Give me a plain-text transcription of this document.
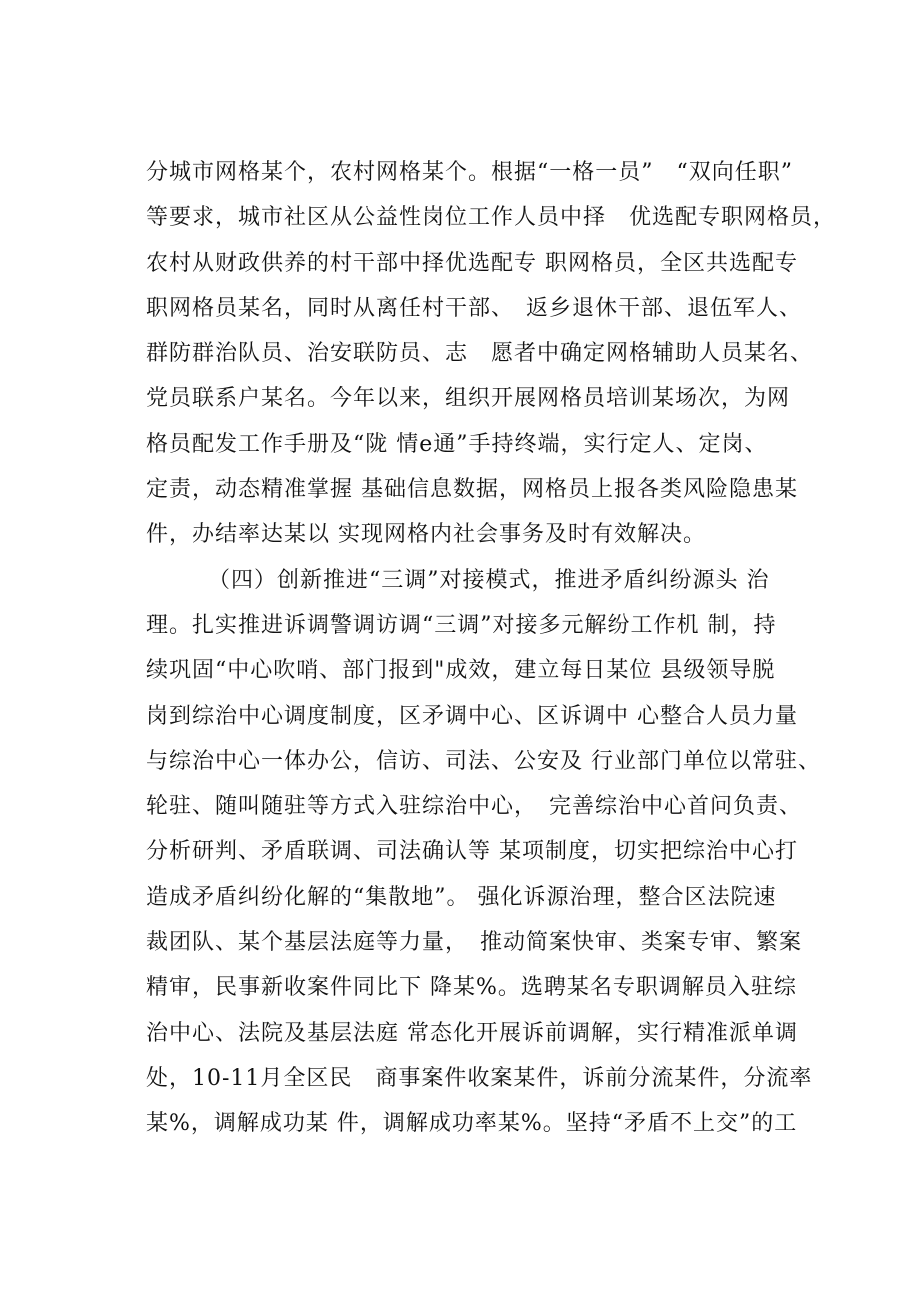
分城市网格某个，农村网格某个。根据“一格一员”　“双向任职”
等要求，城市社区从公益性岗位工作人员中择　优选配专职网格员，
农村从财政供养的村干部中择优选配专 职网格员，全区共选配专
职网格员某名，同时从离任村干部、　返乡退休干部、退伍军人、
群防群治队员、治安联防员、志　愿者中确定网格辅助人员某名、
党员联系户某名。今年以来，组织开展网格员培训某场次，为网
格员配发工作手册及“陇 情e通”手持终端，实行定人、定岗、
定责，动态精准掌握 基础信息数据，网格员上报各类风险隐患某
件，办结率达某以 实现网格内社会事务及时有效解决。
（四）创新推进“三调”对接模式，推进矛盾纠纷源头 治
理。扎实推进诉调警调访调“三调”对接多元解纷工作机 制，持
续巩固“中心吹哨、部门报到"成效，建立每日某位 县级领导脱
岗到综治中心调度制度，区矛调中心、区诉调中 心整合人员力量
与综治中心一体办公，信访、司法、公安及 行业部门单位以常驻、
轮驻、随叫随驻等方式入驻综治中心，　完善综治中心首问负责、
分析研判、矛盾联调、司法确认等 某项制度，切实把综治中心打
造成矛盾纠纷化解的“集散地”。 强化诉源治理，整合区法院速
裁团队、某个基层法庭等力量，　推动简案快审、类案专审、繁案
精审，民事新收案件同比下 降某%。选聘某名专职调解员入驻综
治中心、法院及基层法庭 常态化开展诉前调解，实行精准派单调
处，10-11月全区民　商事案件收案某件，诉前分流某件，分流率
某%，调解成功某 件，调解成功率某%。坚持“矛盾不上交”的工
